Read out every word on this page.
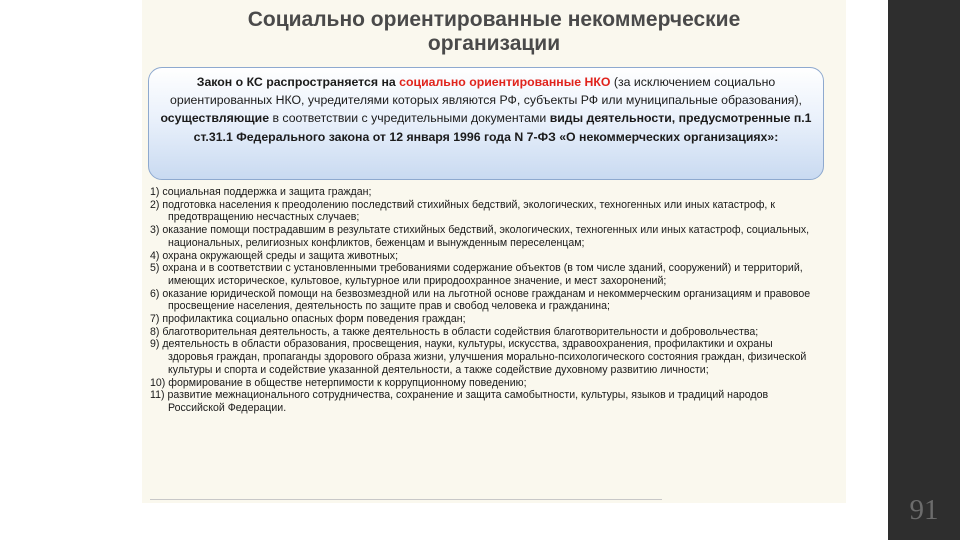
Социально ориентированные некоммерческие
организации
Закон о КС распространяется на социально ориентированные НКО (за исключением социально ориентированных НКО, учредителями которых являются РФ, субъекты РФ или муниципальные образования), осуществляющие в соответствии с учредительными документами виды деятельности, предусмотренные п.1 ст.31.1 Федерального закона от 12 января 1996 года N 7-ФЗ «О некоммерческих организациях»:
1) социальная поддержка и защита граждан;
2) подготовка населения к преодолению последствий стихийных бедствий, экологических, техногенных или иных катастроф, к предотвращению несчастных случаев;
3) оказание помощи пострадавшим в результате стихийных бедствий, экологических, техногенных или иных катастроф, социальных, национальных, религиозных конфликтов, беженцам и вынужденным переселенцам;
4) охрана окружающей среды и защита животных;
5) охрана и в соответствии с установленными требованиями содержание объектов (в том числе зданий, сооружений) и территорий, имеющих историческое, культовое, культурное или природоохранное значение, и мест захоронений;
6) оказание юридической помощи на безвозмездной или на льготной основе гражданам и некоммерческим организациям и правовое просвещение населения, деятельность по защите прав и свобод человека и гражданина;
7) профилактика социально опасных форм поведения граждан;
8) благотворительная деятельность, а также деятельность в области содействия благотворительности и добровольчества;
9) деятельность в области образования, просвещения, науки, культуры, искусства, здравоохранения, профилактики и охраны здоровья граждан, пропаганды здорового образа жизни, улучшения морально-психологического состояния граждан, физической культуры и спорта и содействие указанной деятельности, а также содействие духовному развитию личности;
10) формирование в обществе нетерпимости к коррупционному поведению;
11) развитие межнационального сотрудничества, сохранение и защита самобытности, культуры, языков и традиций народов Российской Федерации.
91
